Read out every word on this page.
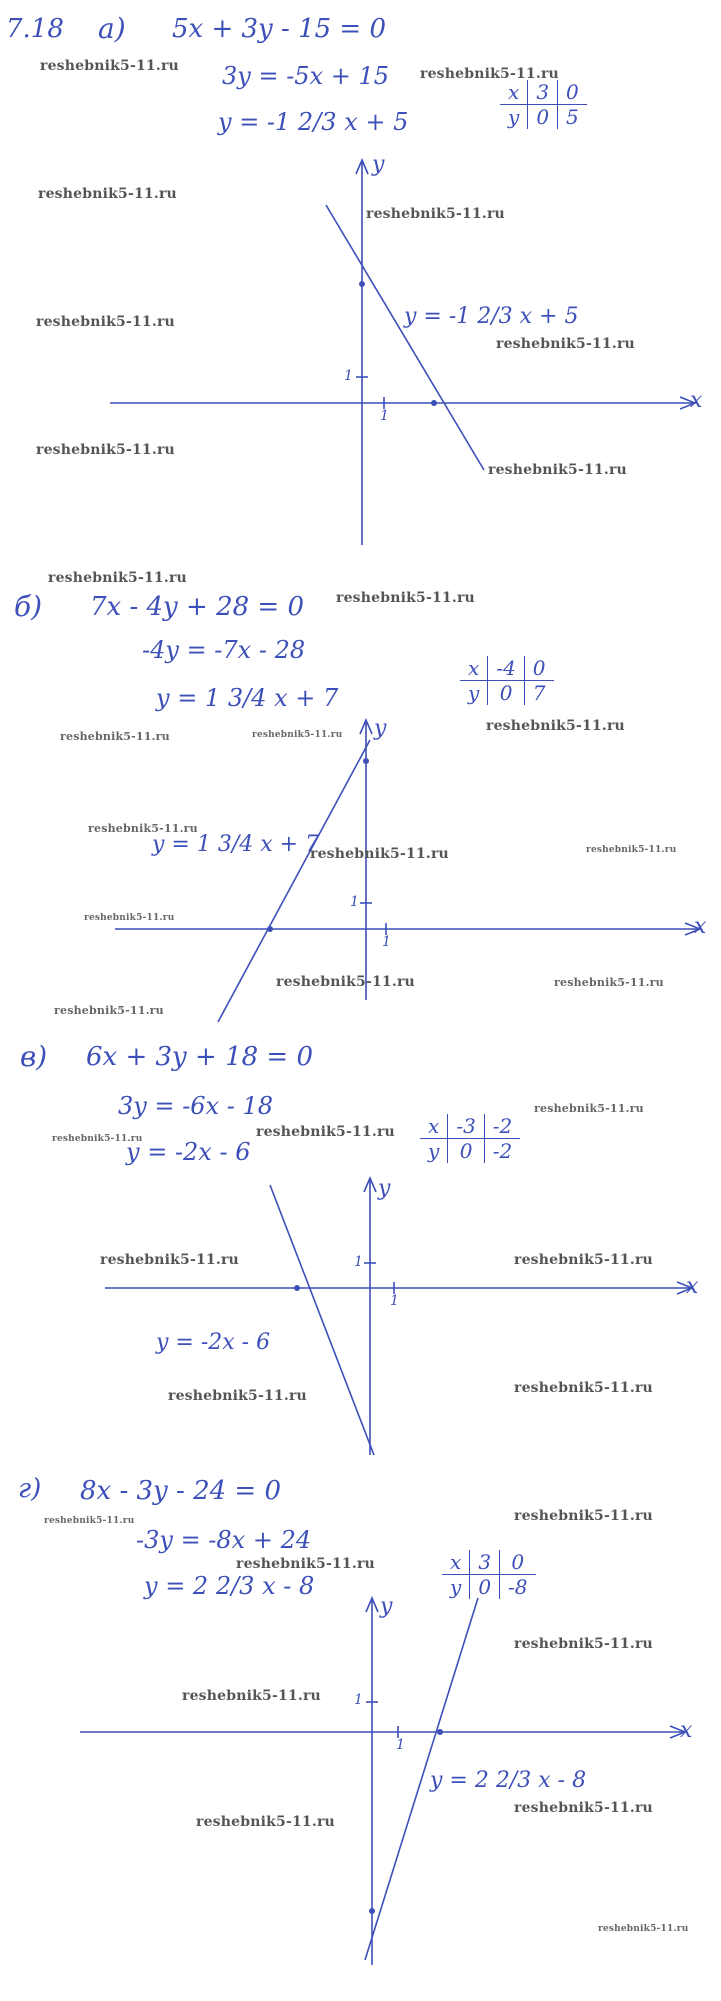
7.18 а) 5x + 3y - 15 = 0
3y = -5x + 15
y = -1 2/3 x + 5
x	3	0
y	0	5
y = -1 2/3 x + 5
б) 7x - 4y + 28 = 0
-4y = -7x - 28
y = 1 3/4 x + 7
x	-4	0
y	0	7
y = 1 3/4 x + 7
в) 6x + 3y + 18 = 0
3y = -6x - 18
y = -2x - 6
x	-3	-2
y	0	-2
y = -2x - 6
г) 8x - 3y - 24 = 0
-3y = -8x + 24
y = 2 2/3 x - 8
x	3	0
y	0	-8
y = 2 2/3 x - 8
x
y
1
1
x
y
1
1
x
y
1
1
x
y
1
1
reshebnik5-11.ru	reshebnik5-11.ru
reshebnik5-11.ru
reshebnik5-11.ru
reshebnik5-11.ru
reshebnik5-11.ru
reshebnik5-11.ru
reshebnik5-11.ru
reshebnik5-11.ru
reshebnik5-11.ru
reshebnik5-11.ru	reshebnik5-11.ru
reshebnik5-11.ru
reshebnik5-11.ru
reshebnik5-11.ru	reshebnik5-11.ru
reshebnik5-11.ru
reshebnik5-11.ru	reshebnik5-11.ru
reshebnik5-11.ru
reshebnik5-11.ru
reshebnik5-11.ru
reshebnik5-11.ru
reshebnik5-11.ru	reshebnik5-11.ru
reshebnik5-11.ru	reshebnik5-11.ru
reshebnik5-11.ru	reshebnik5-11.ru
reshebnik5-11.ru
reshebnik5-11.ru
reshebnik5-11.ru
reshebnik5-11.ru
reshebnik5-11.ru
reshebnik5-11.ru
